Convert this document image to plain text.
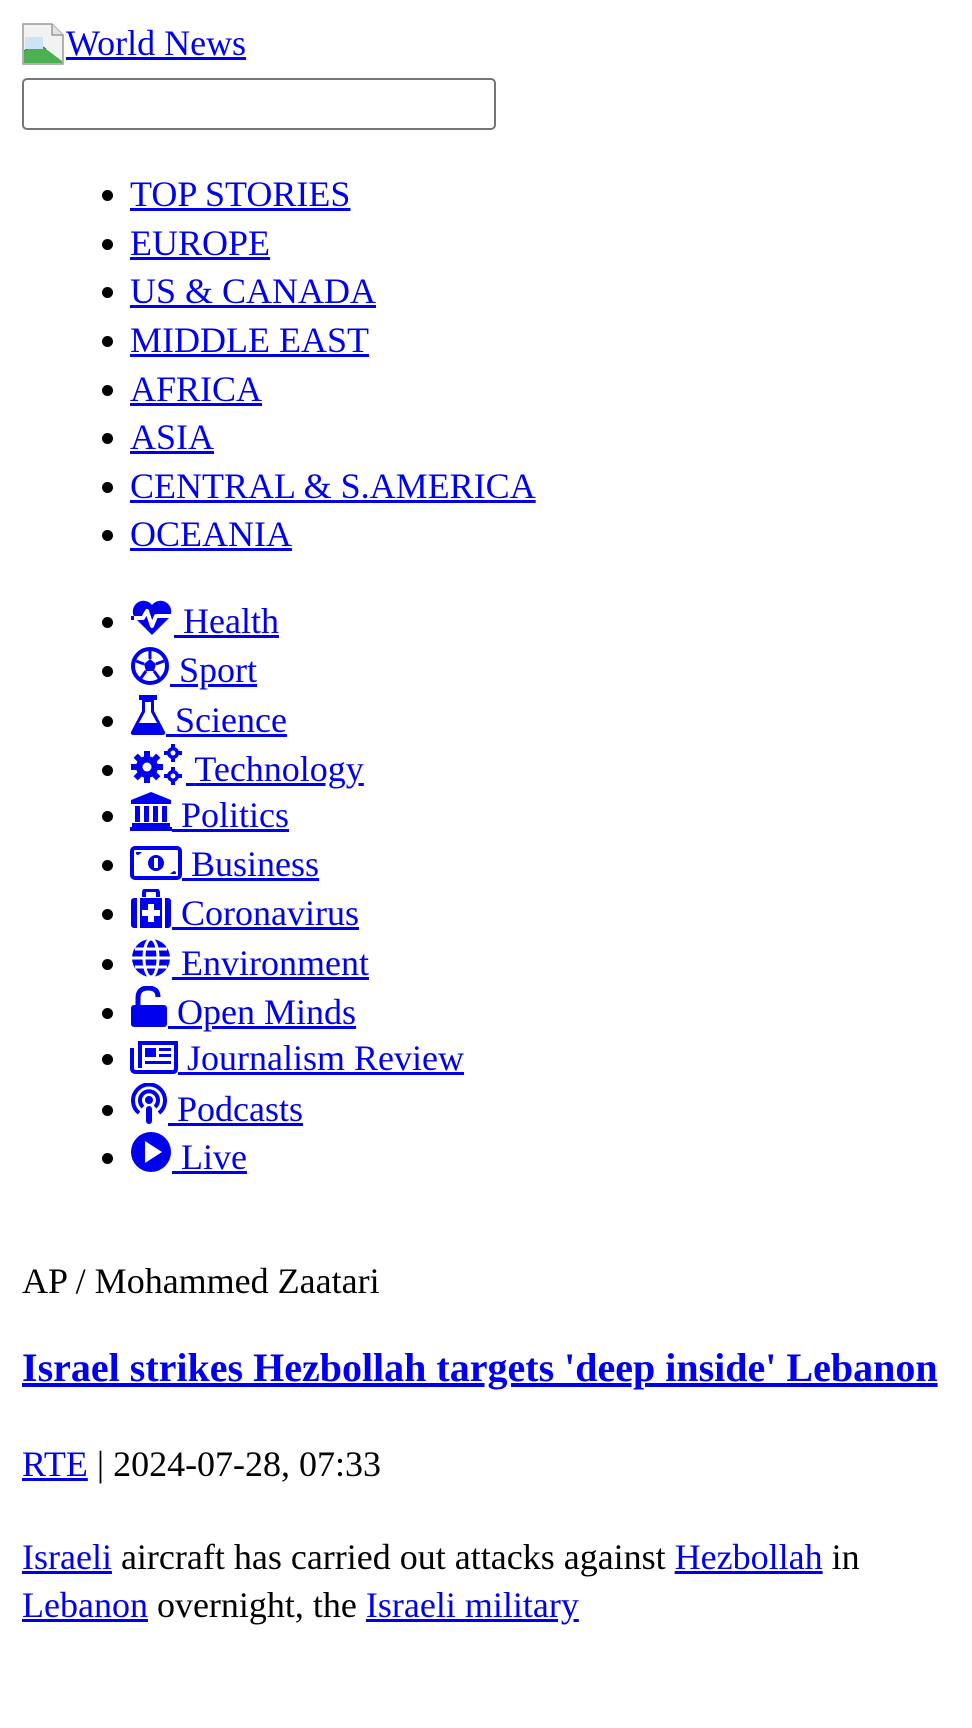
World News
• TOP STORIES
• EUROPE
• US & CANADA
• MIDDLE EAST
• AFRICA
• ASIA
• CENTRAL & S.AMERICA
• OCEANIA
•
Health
•
Sport
•
Science
•
Technology
•
Politics
•
Business
•
Coronavirus
•
Environment
•
Open Minds
•
Journalism Review
•
Podcasts
•
Live
AP / Mohammed Zaatari
Israel strikes Hezbollah targets 'deep inside' Lebanon
RTE | 2024-07-28, 07:33

Israeli aircraft has carried out attacks against Hezbollah in Lebanon overnight, the Israeli military
